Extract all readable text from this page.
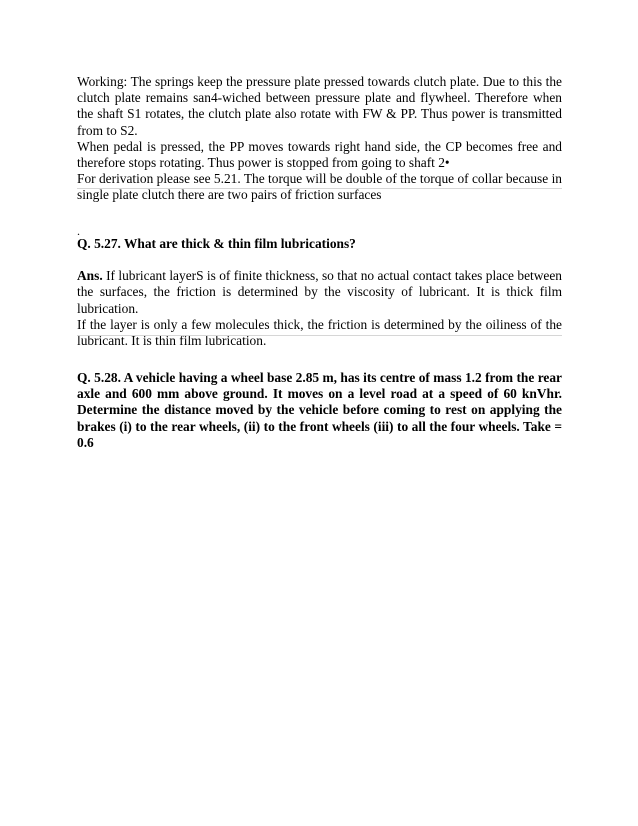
Working: The springs keep the pressure plate pressed towards clutch plate. Due to this the clutch plate remains san4-wiched between pressure plate and flywheel. Therefore when the shaft S1 rotates, the clutch plate also rotate with FW & PP. Thus power is transmitted from to S2.

When pedal is pressed, the PP moves towards right hand side, the CP becomes free and therefore stops rotating. Thus power is stopped from going to shaft 2•

For derivation please see 5.21. The torque will be double of the torque of collar because in single plate clutch there are two pairs of friction surfaces

.

Q. 5.27. What are thick & thin film lubrications?

Ans. If lubricant layerS is of finite thickness, so that no actual contact takes place between the surfaces, the friction is determined by the viscosity of lubricant. It is thick film lubrication.

If the layer is only a few molecules thick, the friction is determined by the oiliness of the lubricant. It is thin film lubrication.

Q. 5.28. A vehicle having a wheel base 2.85 m, has its centre of mass 1.2 from the rear axle and 600 mm above ground. It moves on a level road at a speed of 60 knVhr. Determine the distance moved by the vehicle before coming to rest on applying the brakes (i) to the rear wheels, (ii) to the front wheels (iii) to all the four wheels. Take = 0.6
